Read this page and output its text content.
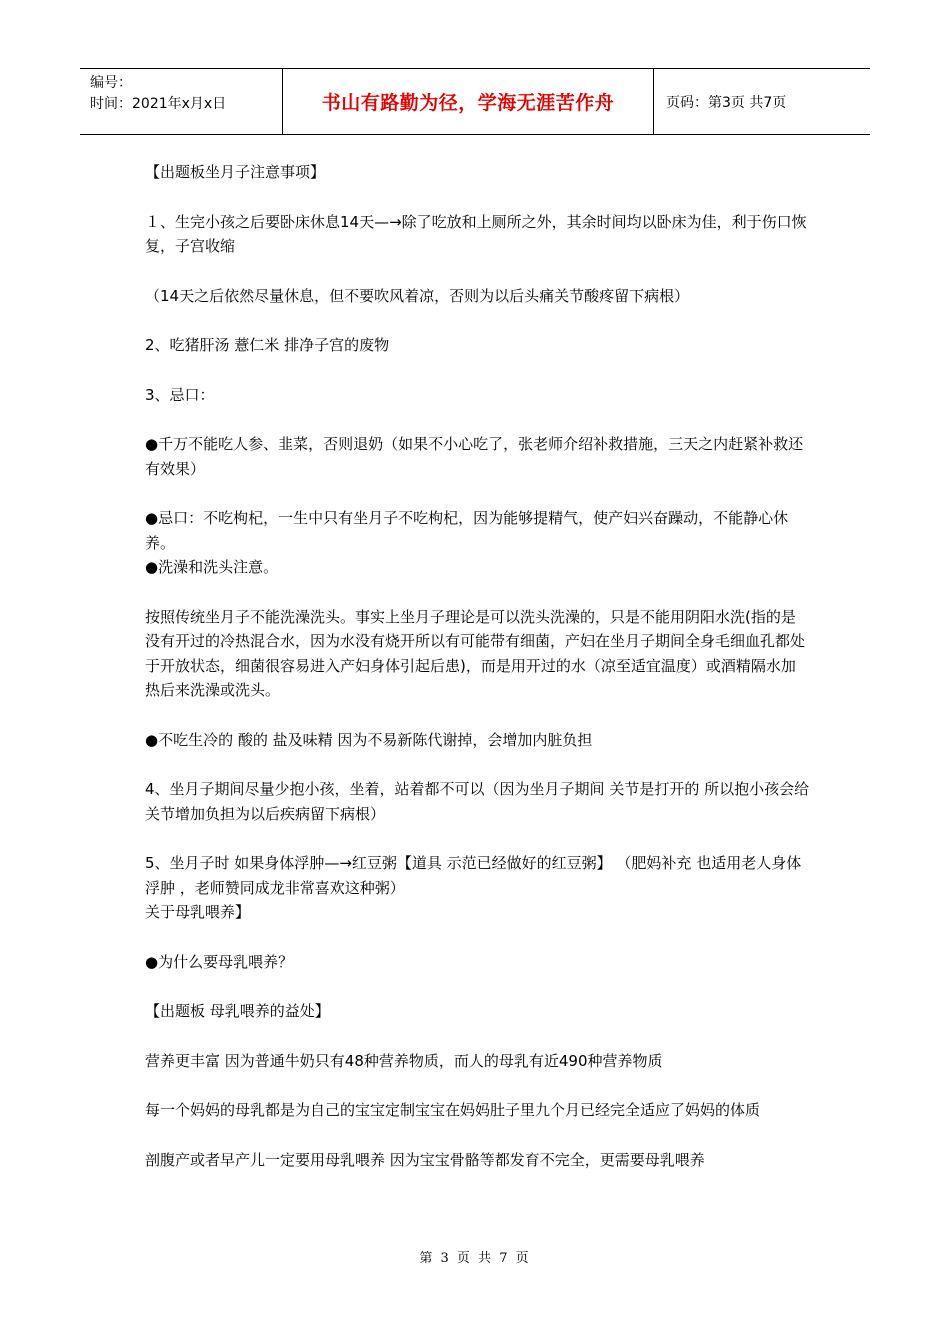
编号：
时间：2021年x月x日	书山有路勤为径，学海无涯苦作舟	页码：第3页 共7页

【出题板坐月子注意事项】

１、生完小孩之后要卧床休息14天—→除了吃放和上厕所之外，其余时间均以卧床为佳，利于伤口恢复，子宫收缩

（14天之后依然尽量休息，但不要吹风着凉，否则为以后头痛关节酸疼留下病根）

2、吃猪肝汤 薏仁米 排净子宫的废物

3、忌口：

●千万不能吃人参、韭菜，否则退奶（如果不小心吃了，张老师介绍补救措施，三天之内赶紧补救还有效果）

●忌口：不吃枸杞，一生中只有坐月子不吃枸杞，因为能够提精气，使产妇兴奋躁动，不能静心休养。

●洗澡和洗头注意。

按照传统坐月子不能洗澡洗头。事实上坐月子理论是可以洗头洗澡的，只是不能用阴阳水洗(指的是没有开过的冷热混合水，因为水没有烧开所以有可能带有细菌，产妇在坐月子期间全身毛细血孔都处于开放状态，细菌很容易进入产妇身体引起后患)，而是用开过的水（凉至适宜温度）或酒精隔水加热后来洗澡或洗头。

●不吃生冷的 酸的 盐及味精 因为不易新陈代谢掉，会增加内脏负担

4、坐月子期间尽量少抱小孩，坐着，站着都不可以（因为坐月子期间 关节是打开的 所以抱小孩会给关节增加负担为以后疾病留下病根）

5、坐月子时 如果身体浮肿—→红豆粥【道具 示范已经做好的红豆粥】 （肥妈补充 也适用老人身体浮肿 ，老师赞同成龙非常喜欢这种粥）

关于母乳喂养】

●为什么要母乳喂养？

【出题板 母乳喂养的益处】

营养更丰富 因为普通牛奶只有48种营养物质，而人的母乳有近490种营养物质

每一个妈妈的母乳都是为自己的宝宝定制宝宝在妈妈肚子里九个月已经完全适应了妈妈的体质

剖腹产或者早产儿一定要用母乳喂养 因为宝宝骨骼等都发育不完全，更需要母乳喂养

第 3 页 共 7 页
